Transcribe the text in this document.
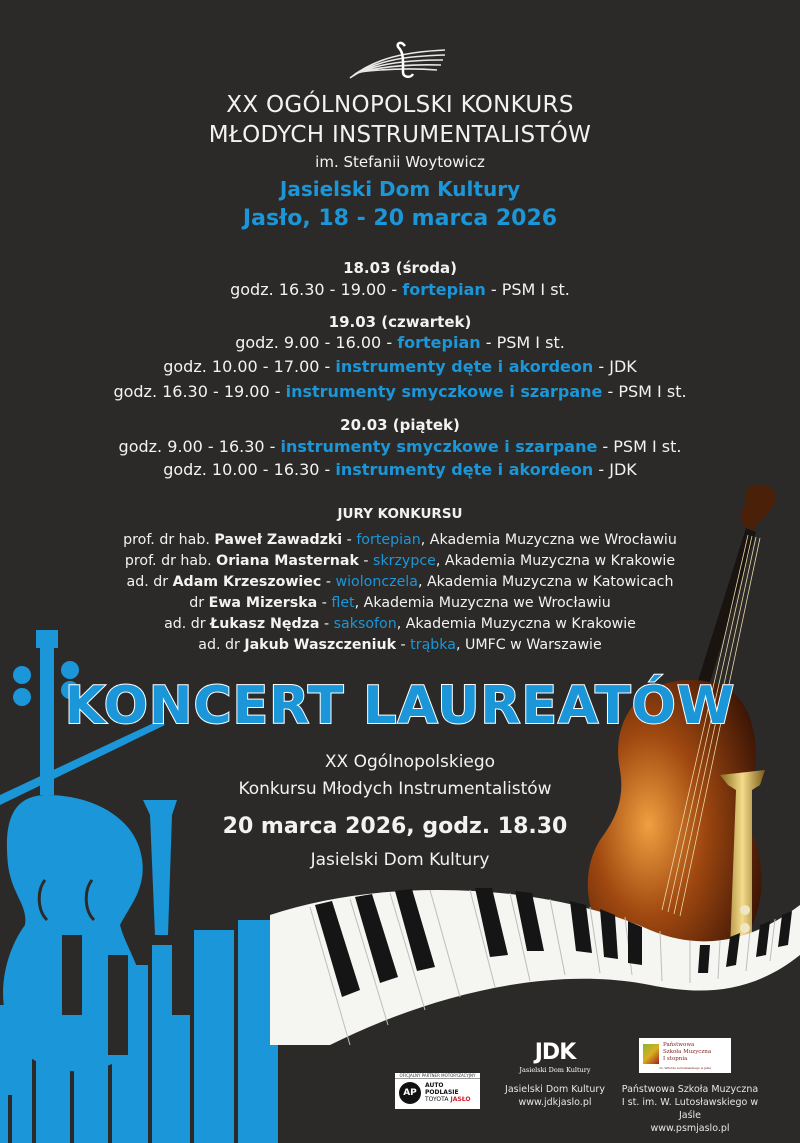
XX OGÓLNOPOLSKI KONKURS
MŁODYCH INSTRUMENTALISTÓW
im. Stefanii Woytowicz
Jasielski Dom Kultury
Jasło, 18 - 20 marca 2026
18.03 (środa)
godz. 16.30 - 19.00 - fortepian - PSM I st.
19.03 (czwartek)
godz. 9.00 - 16.00 - fortepian - PSM I st.
godz. 10.00 - 17.00 - instrumenty dęte i akordeon - JDK
godz. 16.30 - 19.00 - instrumenty smyczkowe i szarpane - PSM I st.
20.03 (piątek)
godz. 9.00 - 16.30 - instrumenty smyczkowe i szarpane - PSM I st.
godz. 10.00 - 16.30 - instrumenty dęte i akordeon - JDK
JURY KONKURSU
prof. dr hab. Paweł Zawadzki - fortepian, Akademia Muzyczna we Wrocławiu
prof. dr hab. Oriana Masternak - skrzypce, Akademia Muzyczna w Krakowie
ad. dr Adam Krzeszowiec - wiolonczela, Akademia Muzyczna w Katowicach
dr Ewa Mizerska - flet, Akademia Muzyczna we Wrocławiu
ad. dr Łukasz Nędza - saksofon, Akademia Muzyczna w Krakowie
ad. dr Jakub Waszczeniuk - trąbka, UMFC w Warszawie
KONCERT LAUREATÓW
XX Ogólnopolskiego
Konkursu Młodych Instrumentalistów
20 marca 2026, godz. 18.30
Jasielski Dom Kultury
OFICJALNY PARTNER MOTORYZACYJNY
AP
AUTO
PODLASIE
TOYOTA JASŁO
JDK
Jasielski Dom Kultury
Jasielski Dom Kultury
www.jdkjaslo.pl
Państwowa
Szkoła Muzyczna
I stopnia
im. Witolda Lutosławskiego w Jaśle
Państwowa Szkoła Muzyczna
I st. im. W. Lutosławskiego w Jaśle
www.psmjaslo.pl
